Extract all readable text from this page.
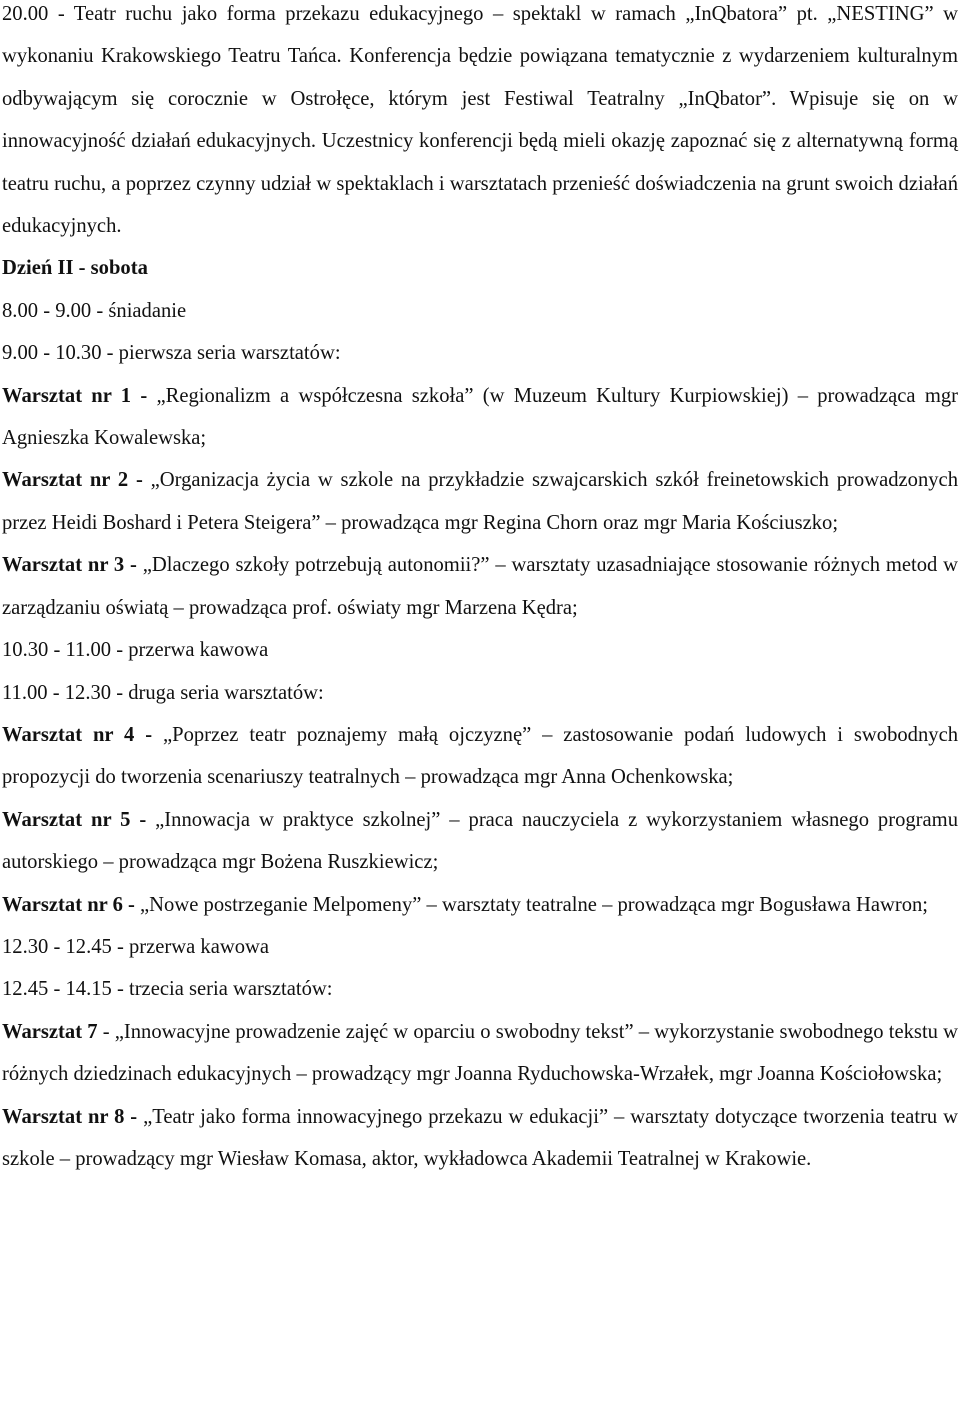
20.00 - Teatr ruchu jako forma przekazu edukacyjnego – spektakl w ramach „InQbatora” pt. „NESTING” w wykonaniu Krakowskiego Teatru Tańca. Konferencja będzie powiązana tematycznie z wydarzeniem kulturalnym odbywającym się corocznie w Ostrołęce, którym jest Festiwal Teatralny „InQbator”. Wpisuje się on w innowacyjność działań edukacyjnych. Uczestnicy konferencji będą mieli okazję zapoznać się z alternatywną formą teatru ruchu, a poprzez czynny udział w spektaklach i warsztatach przenieść doświadczenia na grunt swoich działań edukacyjnych.

Dzień II - sobota

8.00 - 9.00 - śniadanie

9.00 - 10.30 - pierwsza seria warsztatów:

Warsztat nr 1 - „Regionalizm a współczesna szkoła” (w Muzeum Kultury Kurpiowskiej) – prowadząca mgr Agnieszka Kowalewska;

Warsztat nr 2 - „Organizacja życia w szkole na przykładzie szwajcarskich szkół freinetowskich prowadzonych przez Heidi Boshard i Petera Steigera” – prowadząca mgr Regina Chorn oraz mgr Maria Kościuszko;

Warsztat nr 3 - „Dlaczego szkoły potrzebują autonomii?” – warsztaty uzasadniające stosowanie różnych metod w zarządzaniu oświatą – prowadząca prof. oświaty mgr Marzena Kędra;

10.30 - 11.00 - przerwa kawowa

11.00 - 12.30 - druga seria warsztatów:

Warsztat nr 4 - „Poprzez teatr poznajemy małą ojczyznę” – zastosowanie podań ludowych i swobodnych propozycji do tworzenia scenariuszy teatralnych – prowadząca mgr Anna Ochenkowska;

Warsztat nr 5 - „Innowacja w praktyce szkolnej” – praca nauczyciela z wykorzystaniem własnego programu autorskiego – prowadząca mgr Bożena Ruszkiewicz;

Warsztat nr 6 - „Nowe postrzeganie Melpomeny” – warsztaty teatralne – prowadząca mgr Bogusława Hawron;

12.30 - 12.45 - przerwa kawowa

12.45 - 14.15 - trzecia seria warsztatów:

Warsztat 7 - „Innowacyjne prowadzenie zajęć w oparciu o swobodny tekst” – wykorzystanie swobodnego tekstu w różnych dziedzinach edukacyjnych – prowadzący mgr Joanna Ryduchowska-Wrzałek, mgr Joanna Kościołowska;

Warsztat nr 8 - „Teatr jako forma innowacyjnego przekazu w edukacji” – warsztaty dotyczące tworzenia teatru w szkole – prowadzący mgr Wiesław Komasa, aktor, wykładowca Akademii Teatralnej w Krakowie.
